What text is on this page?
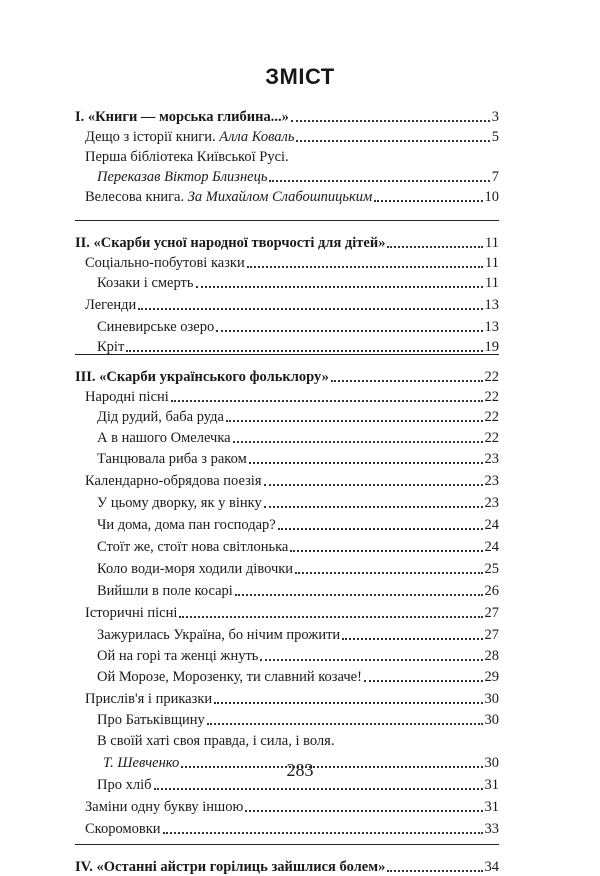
ЗМІСТ
І. «Книги — морська глибина...»	3
Дещо з історії книги. Алла Коваль	5
Перша бібліотека Київської Русі.
Переказав Віктор Близнець	7
Велесова книга. За Михайлом Слабошпицьким	10
ІІ. «Скарби усної народної творчості для дітей»	11
Соціально-побутові казки	11
Козаки і смерть	11
Легенди	13
Синевирське озеро	13
Кріт	19
ІІІ. «Скарби українського фольклору»	22
Народні пісні	22
Дід рудий, баба руда	22
А в нашого Омелечка	22
Танцювала риба з раком	23
Календарно-обрядова поезія	23
У цьому дворку, як у вінку	23
Чи дома, дома пан господар?	24
Стоїт же, стоїт нова світлонька	24
Коло води-моря ходили дівочки	25
Вийшли в поле косарі	26
Історичні пісні	27
Зажурилась Україна, бо нічим прожити	27
Ой на горі та женці жнуть	28
Ой Морозе, Морозенку, ти славний козаче!	29
Прислів'я і приказки	30
Про Батьківщину	30
В своїй хаті своя правда, і сила, і воля.
Т. Шевченко	30
Про хліб	31
Заміни одну букву іншою	31
Скоромовки	33
IV. «Останні айстри горілиць зайшлися болем»	34
283
